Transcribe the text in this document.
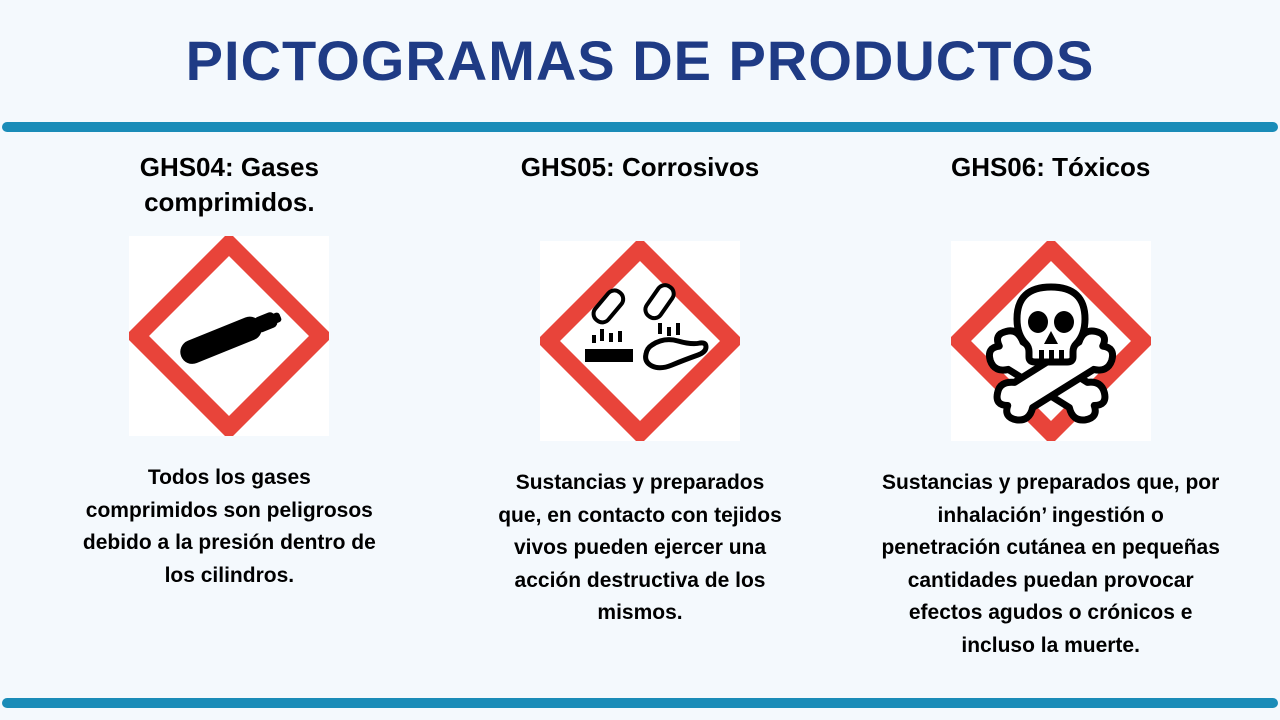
PICTOGRAMAS DE PRODUCTOS
GHS04: Gases comprimidos.
Todos los gases comprimidos son peligrosos debido a la presión dentro de los cilindros.
GHS05: Corrosivos
Sustancias y preparados que, en contacto con tejidos vivos pueden ejercer una acción destructiva de los mismos.
GHS06: Tóxicos
Sustancias y preparados que, por inhalación’ ingestión o penetración cutánea en pequeñas cantidades puedan provocar efectos agudos o crónicos e incluso la muerte.
